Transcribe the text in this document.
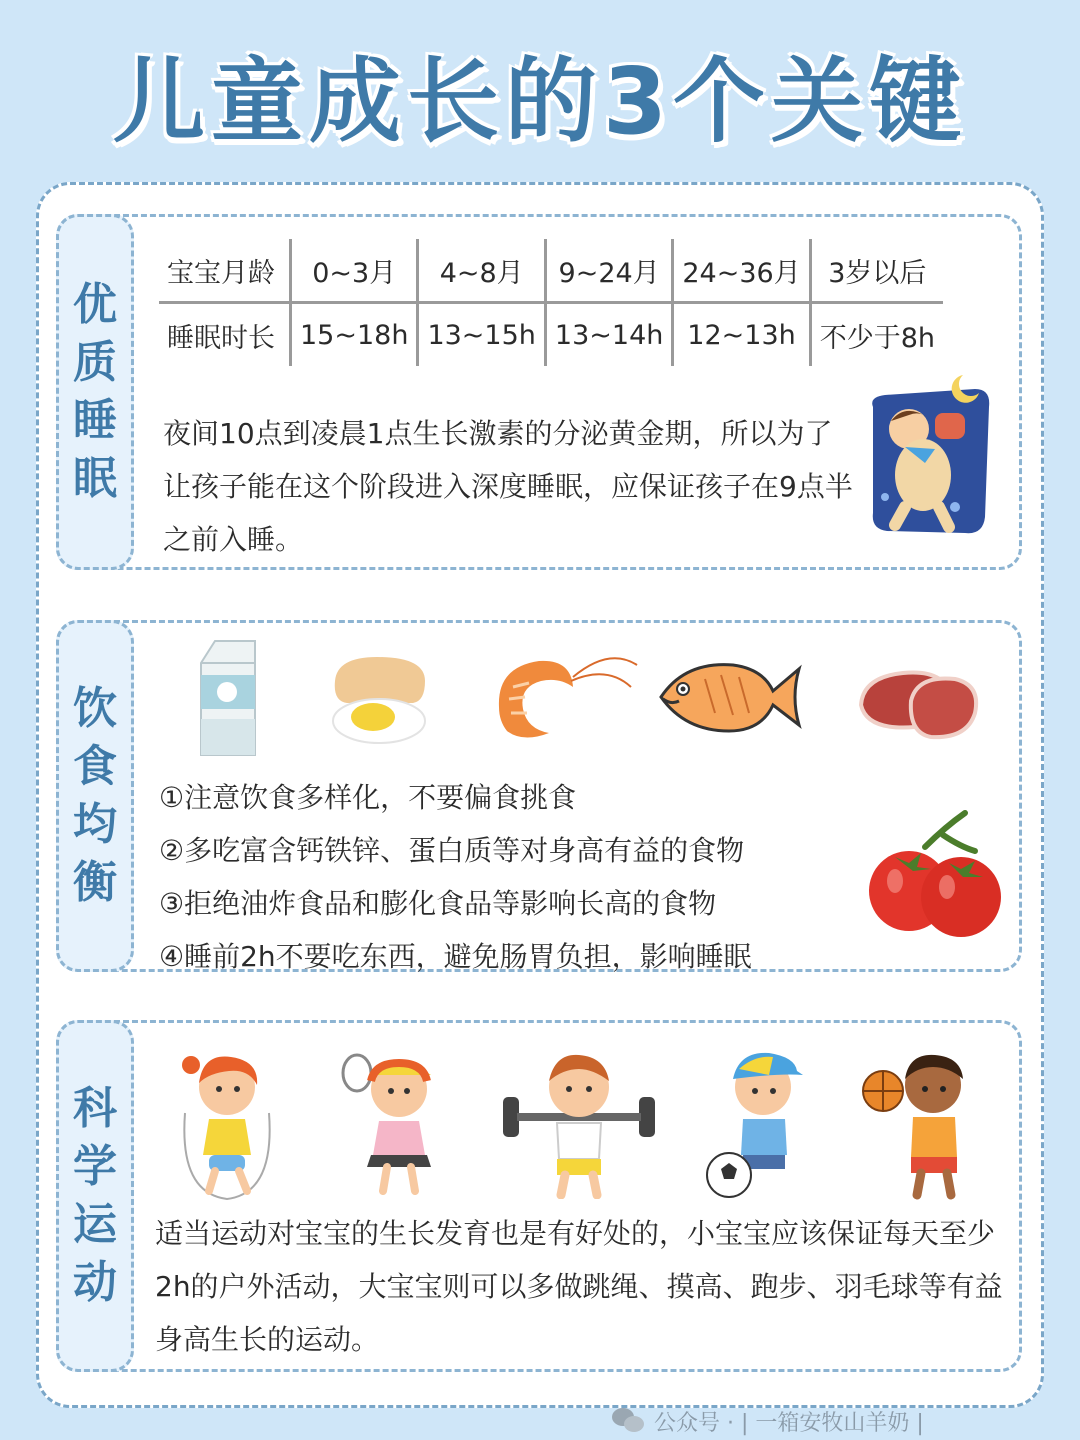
儿童成长的3个关键
优
质
睡
眠
宝宝月龄	0~3月	4~8月	9~24月	24~36月	3岁以后
睡眠时长	15~18h	13~15h	13~14h	12~13h	不少于8h
夜间10点到凌晨1点生长激素的分泌黄金期，所以为了让孩子能在这个阶段进入深度睡眠，应保证孩子在9点半之前入睡。
饮
食
均
衡
①注意饮食多样化，不要偏食挑食
②多吃富含钙铁锌、蛋白质等对身高有益的食物
③拒绝油炸食品和膨化食品等影响长高的食物
④睡前2h不要吃东西，避免肠胃负担，影响睡眠
科
学
运
动
适当运动对宝宝的生长发育也是有好处的，小宝宝应该保证每天至少2h的户外活动，大宝宝则可以多做跳绳、摸高、跑步、羽毛球等有益身高生长的运动。
公众号 · | 一箱安牧山羊奶 |
